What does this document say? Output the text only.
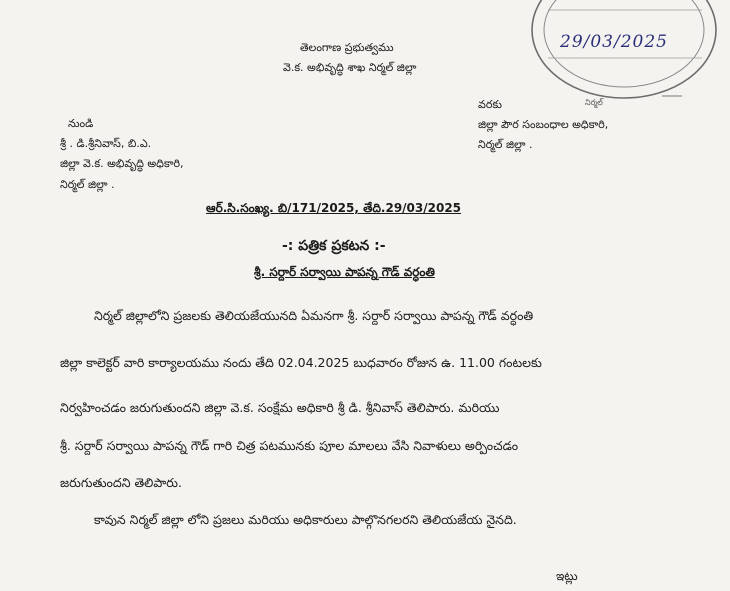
29/03/2025
నిర్మల్
తెలంగాణ ప్రభుత్వము
వె.క. అభివృద్ధి శాఖ నిర్మల్ జిల్లా
నుండి
శ్రీ . డి.శ్రీనివాస్, బి.ఎ.
జిల్లా వె.క. అభివృద్ధి అధికారి,
నిర్మల్ జిల్లా .
వరకు
జిల్లా పౌర సంబంధాల అధికారి,
నిర్మల్ జిల్లా .
ఆర్.సి.సంఖ్య. బి/171/2025, తేది.29/03/2025
-: పత్రిక ప్రకటన :-
శ్రీ. సర్దార్ సర్వాయి పాపన్న గౌడ్ వర్ధంతి
నిర్మల్ జిల్లాలోని ప్రజలకు తెలియజేయునది ఏమనగా శ్రీ. సర్దార్ సర్వాయి పాపన్న గౌడ్ వర్ధంతి
జిల్లా కాలెక్టర్ వారి కార్యాలయము నందు తేది 02.04.2025 బుధవారం రోజున ఉ. 11.00 గంటలకు
నిర్వహించడం జరుగుతుందని జిల్లా వె.క. సంక్షేమ అధికారి శ్రీ డి. శ్రీనివాస్ తెలిపారు. మరియు
శ్రీ. సర్దార్ సర్వాయి పాపన్న గౌడ్ గారి చిత్ర పటమునకు పూల మాలలు వేసి నివాళులు అర్పించడం
జరుగుతుందని తెలిపారు.
కావున నిర్మల్ జిల్లా లోని ప్రజలు మరియు అధికారులు పాల్గొనగలరని తెలియజేయ నైనది.
ఇట్లు
